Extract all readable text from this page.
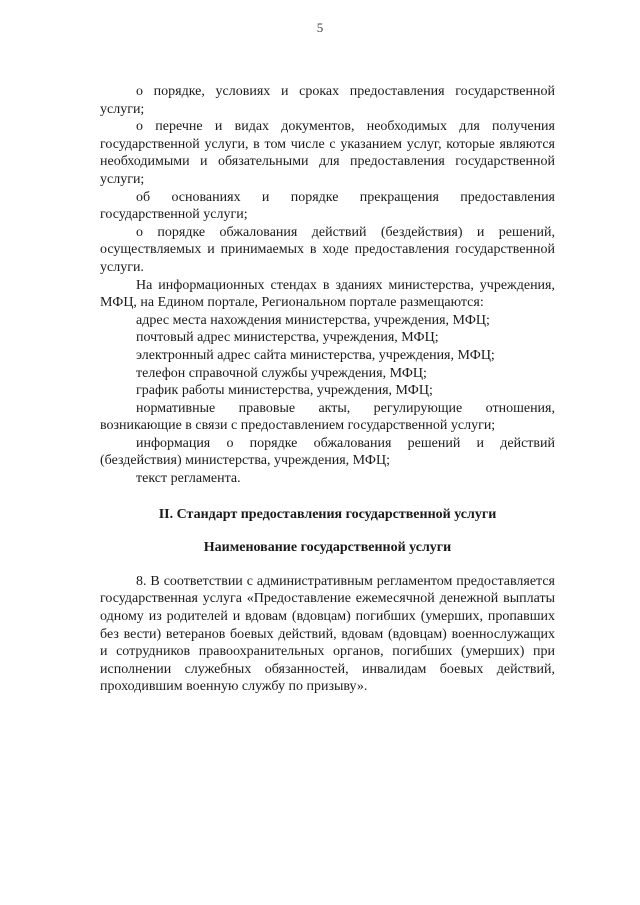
5

о порядке, условиях и сроках предоставления государственной услуги;

о перечне и видах документов, необходимых для получения государственной услуги, в том числе с указанием услуг, которые являются необходимыми и обязательными для предоставления государственной услуги;

об основаниях и порядке прекращения предоставления государственной услуги;

о порядке обжалования действий (бездействия) и решений, осуществляемых и принимаемых в ходе предоставления государственной услуги.

На информационных стендах в зданиях министерства, учреждения, МФЦ, на Едином портале, Региональном портале размещаются:

адрес места нахождения министерства, учреждения, МФЦ;

почтовый адрес министерства, учреждения, МФЦ;

электронный адрес сайта министерства, учреждения, МФЦ;

телефон справочной службы учреждения, МФЦ;

график работы министерства, учреждения, МФЦ;

нормативные правовые акты, регулирующие отношения, возникающие в связи с предоставлением государственной услуги;

информация о порядке обжалования решений и действий (бездействия) министерства, учреждения, МФЦ;

текст регламента.

II. Стандарт предоставления государственной услуги
Наименование государственной услуги

8. В соответствии с административным регламентом предоставляется государственная услуга «Предоставление ежемесячной денежной выплаты одному из родителей и вдовам (вдовцам) погибших (умерших, пропавших без вести) ветеранов боевых действий, вдовам (вдовцам) военнослужащих и сотрудников правоохранительных органов, погибших (умерших) при исполнении служебных обязанностей, инвалидам боевых действий, проходившим военную службу по призыву».
